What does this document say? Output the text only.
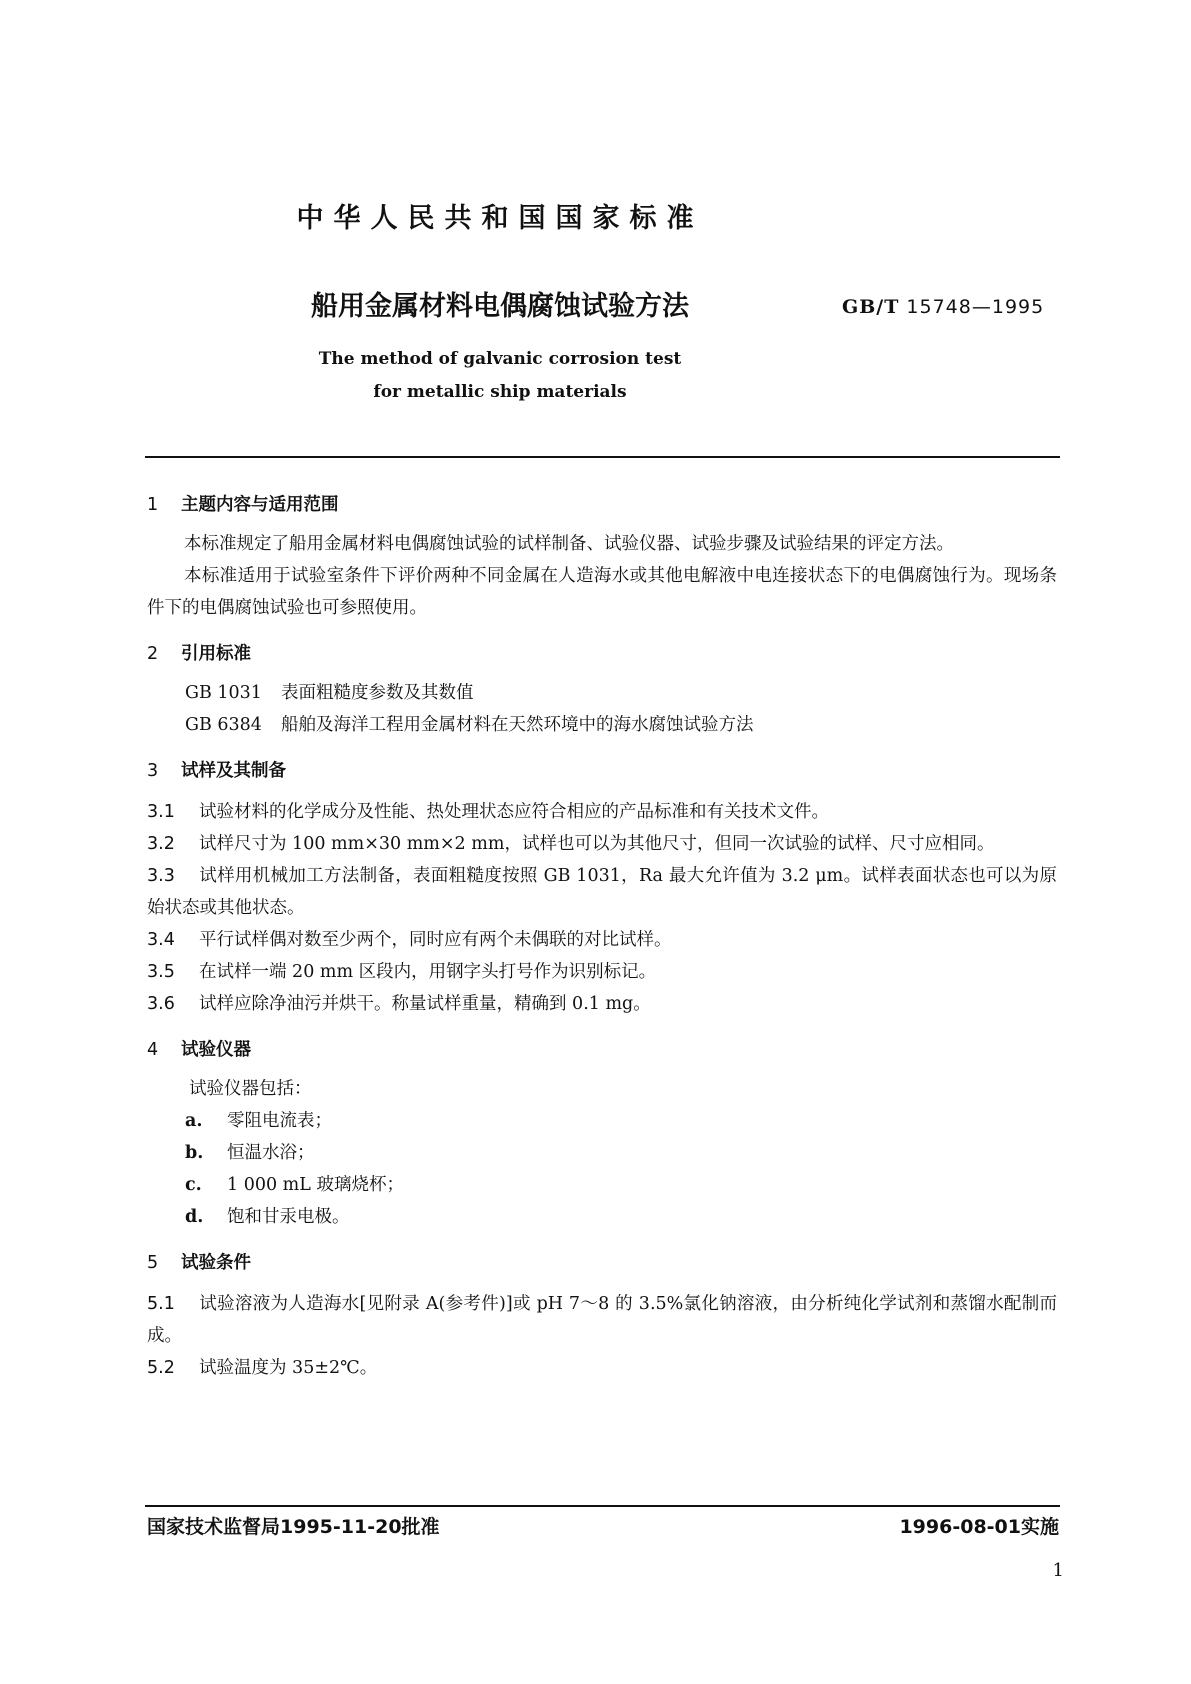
中华人民共和国国家标准
船用金属材料电偶腐蚀试验方法	GB/T 15748—1995
The method of galvanic corrosion test
for metallic ship materials
1 主题内容与适用范围

本标准规定了船用金属材料电偶腐蚀试验的试样制备、试验仪器、试验步骤及试验结果的评定方法。

本标准适用于试验室条件下评价两种不同金属在人造海水或其他电解液中电连接状态下的电偶腐蚀行为。现场条件下的电偶腐蚀试验也可参照使用。

2 引用标准
GB 1031 表面粗糙度参数及其数值
GB 6384 船舶及海洋工程用金属材料在天然环境中的海水腐蚀试验方法
3 试样及其制备
3.1 试验材料的化学成分及性能、热处理状态应符合相应的产品标准和有关技术文件。
3.2 试样尺寸为 100 mm×30 mm×2 mm，试样也可以为其他尺寸，但同一次试验的试样、尺寸应相同。
3.3 试样用机械加工方法制备，表面粗糙度按照 GB 1031，Ra 最大允许值为 3.2 μm。试样表面状态也可以为原始状态或其他状态。
3.4 平行试样偶对数至少两个，同时应有两个未偶联的对比试样。
3.5 在试样一端 20 mm 区段内，用钢字头打号作为识别标记。
3.6 试样应除净油污并烘干。称量试样重量，精确到 0.1 mg。
4 试验仪器
试验仪器包括：
a. 零阻电流表；
b. 恒温水浴；
c. 1 000 mL 玻璃烧杯；
d. 饱和甘汞电极。
5 试验条件
5.1 试验溶液为人造海水[见附录 A(参考件)]或 pH 7～8 的 3.5%氯化钠溶液，由分析纯化学试剂和蒸馏水配制而成。
5.2 试验温度为 35±2℃。
国家技术监督局1995-11-20批准	1996-08-01实施
1
